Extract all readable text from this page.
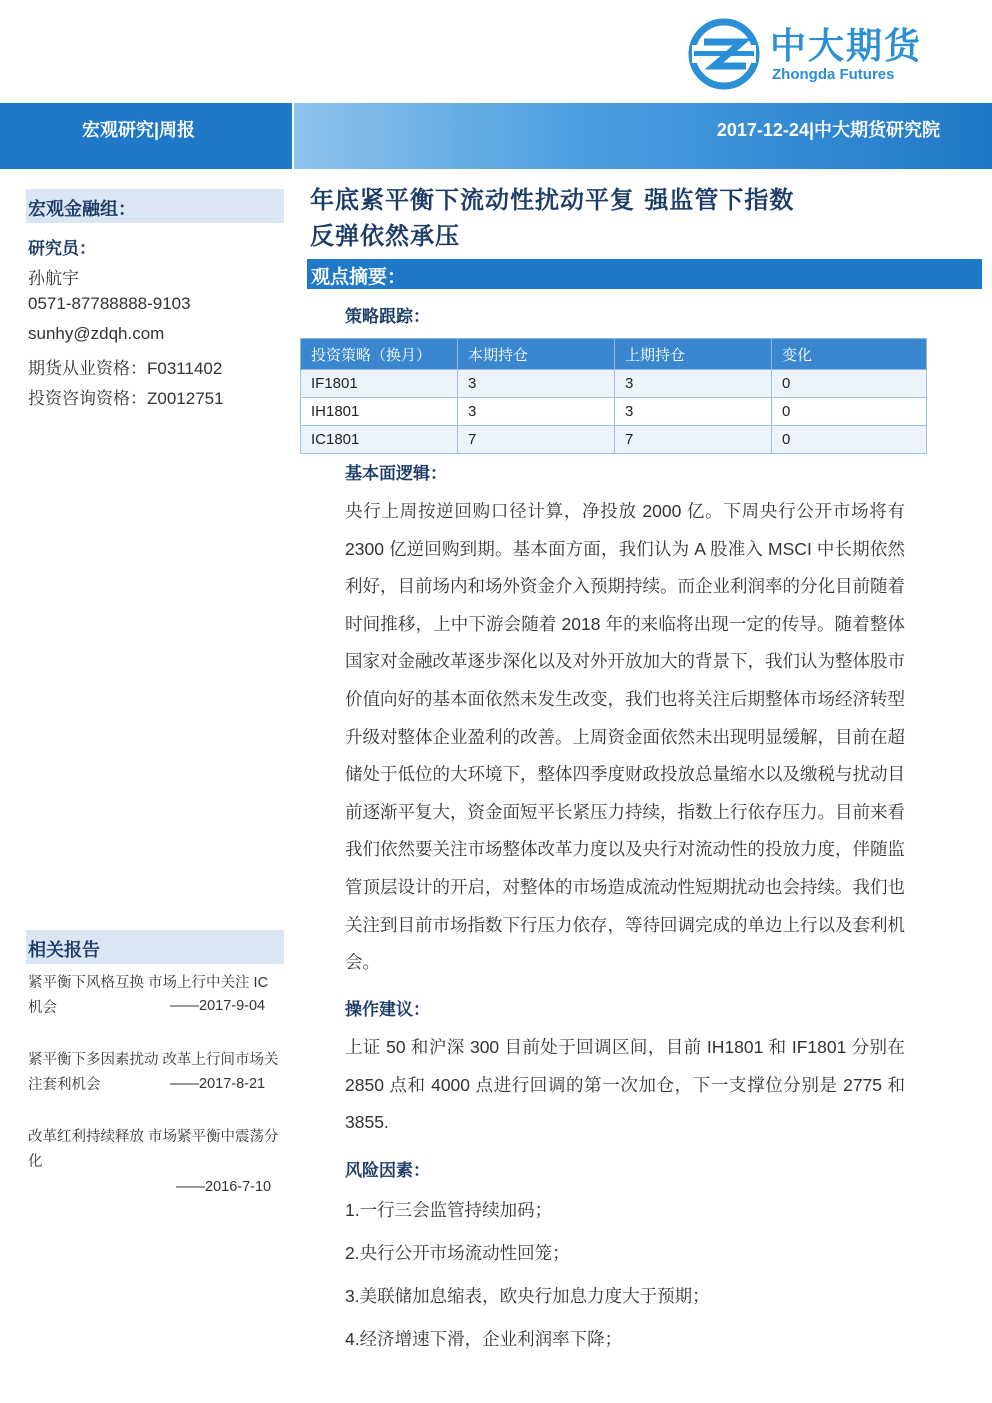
中大期货
Zhongda Futures
宏观研究|周报	2017-12-24|中大期货研究院
宏观金融组：
研究员：
孙航宇
0571-87788888-9103
sunhy@zdqh.com
期货从业资格：F0311402
投资咨询资格：Z0012751
相关报告
紧平衡下风格互换 市场上行中关注 IC 机会	——2017-9-04
紧平衡下多因素扰动 改革上行间市场关注套利机会	——2017-8-21
改革红利持续释放 市场紧平衡中震荡分化
——2016-7-10
年底紧平衡下流动性扰动平复 强监管下指数
反弹依然承压
观点摘要：
策略跟踪：
投资策略（换月）	本期持仓	上期持仓	变化
IF1801	3	3	0
IH1801	3	3	0
IC1801	7	7	0
基本面逻辑：

央行上周按逆回购口径计算，净投放 2000 亿。下周央行公开市场将有 2300 亿逆回购到期。基本面方面，我们认为 A 股准入 MSCI 中长期依然利好，目前场内和场外资金介入预期持续。而企业利润率的分化目前随着时间推移，上中下游会随着 2018 年的来临将出现一定的传导。随着整体国家对金融改革逐步深化以及对外开放加大的背景下，我们认为整体股市价值向好的基本面依然未发生改变，我们也将关注后期整体市场经济转型升级对整体企业盈利的改善。上周资金面依然未出现明显缓解，目前在超储处于低位的大环境下，整体四季度财政投放总量缩水以及缴税与扰动目前逐渐平复大，资金面短平长紧压力持续，指数上行依存压力。目前来看我们依然要关注市场整体改革力度以及央行对流动性的投放力度，伴随监管顶层设计的开启，对整体的市场造成流动性短期扰动也会持续。我们也关注到目前市场指数下行压力依存，等待回调完成的单边上行以及套利机会。

操作建议：

上证 50 和沪深 300 目前处于回调区间，目前 IH1801 和 IF1801 分别在 2850 点和 4000 点进行回调的第一次加仓，下一支撑位分别是 2775 和 3855.

风险因素：
1.一行三会监管持续加码；
2.央行公开市场流动性回笼；
3.美联储加息缩表，欧央行加息力度大于预期；
4.经济增速下滑，企业利润率下降；
